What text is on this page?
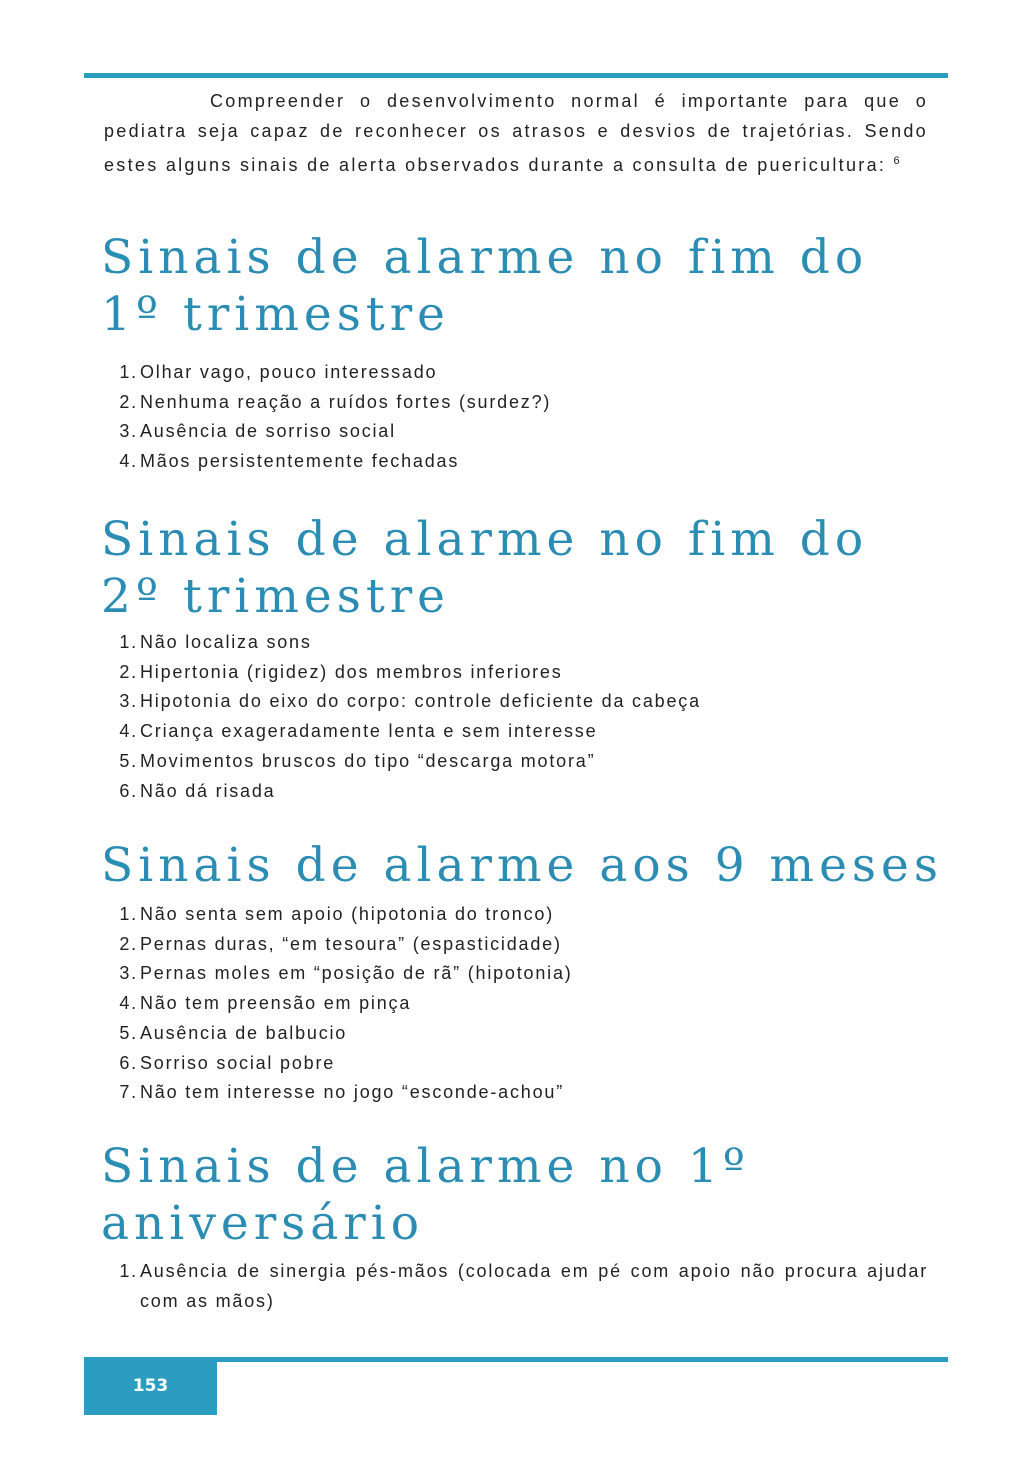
Compreender o desenvolvimento normal é importante para que o pediatra seja capaz de reconhecer os atrasos e desvios de trajetórias. Sendo estes alguns sinais de alerta observados durante a consulta de puericultura: $^6$

Sinais de alarme no fim do
1º trimestre
1. Olhar vago, pouco interessado
2. Nenhuma reação a ruídos fortes (surdez?)
3. Ausência de sorriso social
4. Mãos persistentemente fechadas
Sinais de alarme no fim do
2º trimestre
1. Não localiza sons
2. Hipertonia (rigidez) dos membros inferiores
3. Hipotonia do eixo do corpo: controle deficiente da cabeça
4. Criança exageradamente lenta e sem interesse
5. Movimentos bruscos do tipo “descarga motora”
6. Não dá risada
Sinais de alarme aos 9 meses
1. Não senta sem apoio (hipotonia do tronco)
2. Pernas duras, “em tesoura” (espasticidade)
3. Pernas moles em “posição de rã” (hipotonia)
4. Não tem preensão em pinça
5. Ausência de balbucio
6. Sorriso social pobre
7. Não tem interesse no jogo “esconde-achou”
Sinais de alarme no 1º
aniversário
1. Ausência de sinergia pés-mãos (colocada em pé com apoio não procura ajudar com as mãos)
153
